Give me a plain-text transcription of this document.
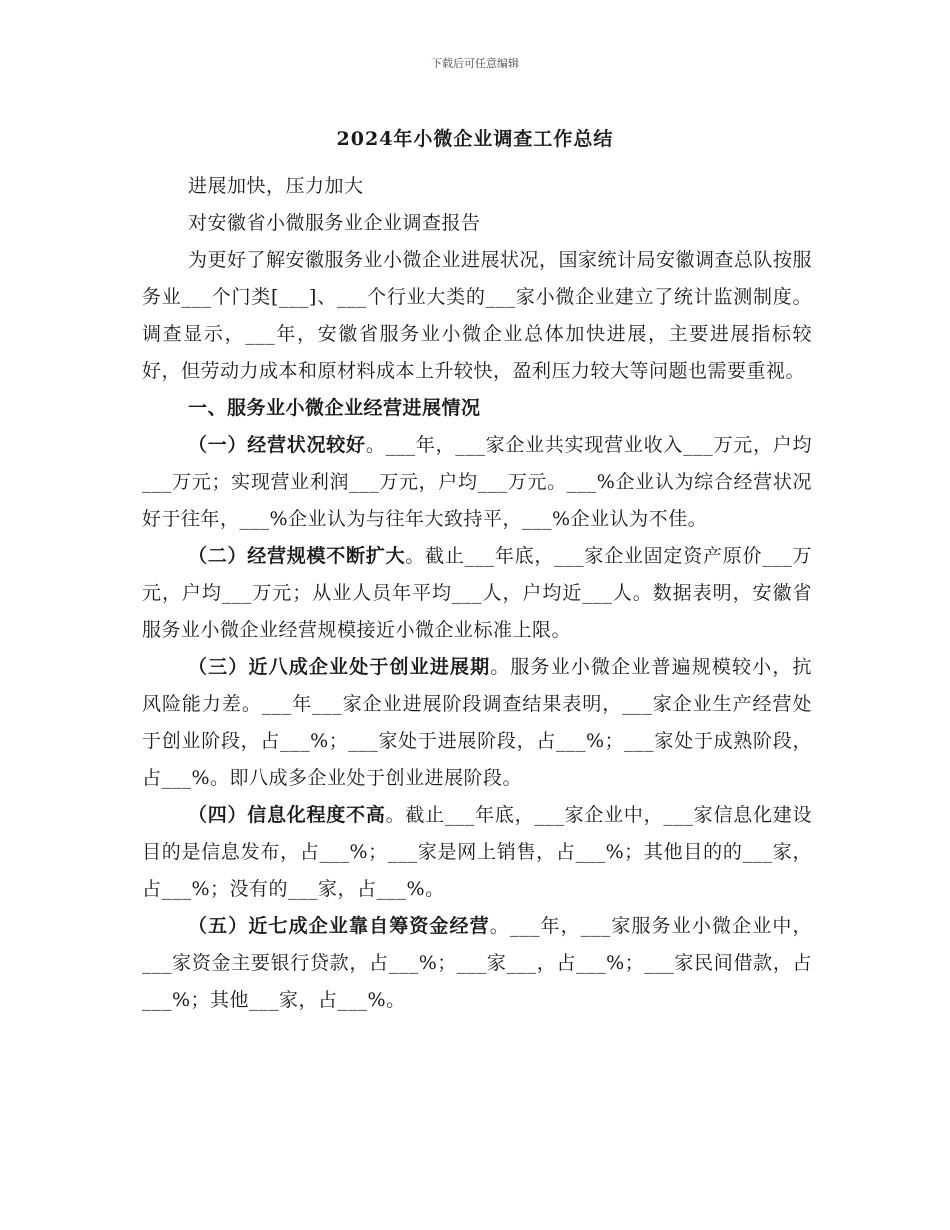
下载后可任意编辑
2024年小微企业调查工作总结

进展加快，压力加大

对安徽省小微服务业企业调查报告

为更好了解安徽服务业小微企业进展状况，国家统计局安徽调查总队按服务业___个门类[___]、___个行业大类的___家小微企业建立了统计监测制度。调查显示，___年，安徽省服务业小微企业总体加快进展，主要进展指标较好，但劳动力成本和原材料成本上升较快，盈利压力较大等问题也需要重视。

一、服务业小微企业经营进展情况

（一）经营状况较好。___年，___家企业共实现营业收入___万元，户均___万元；实现营业利润___万元，户均___万元。___%企业认为综合经营状况好于往年，___%企业认为与往年大致持平，___%企业认为不佳。

（二）经营规模不断扩大。截止___年底，___家企业固定资产原价___万元，户均___万元；从业人员年平均___人，户均近___人。数据表明，安徽省服务业小微企业经营规模接近小微企业标准上限。

（三）近八成企业处于创业进展期。服务业小微企业普遍规模较小，抗风险能力差。___年___家企业进展阶段调查结果表明，___家企业生产经营处于创业阶段，占___%；___家处于进展阶段，占___%；___家处于成熟阶段，占___%。即八成多企业处于创业进展阶段。

（四）信息化程度不高。截止___年底，___家企业中，___家信息化建设目的是信息发布，占___%；___家是网上销售，占___%；其他目的的___家，占___%；没有的___家，占___%。

（五）近七成企业靠自筹资金经营。___年，___家服务业小微企业中，___家资金主要银行贷款，占___%；___家___，占___%；___家民间借款，占___%；其他___家，占___%。
